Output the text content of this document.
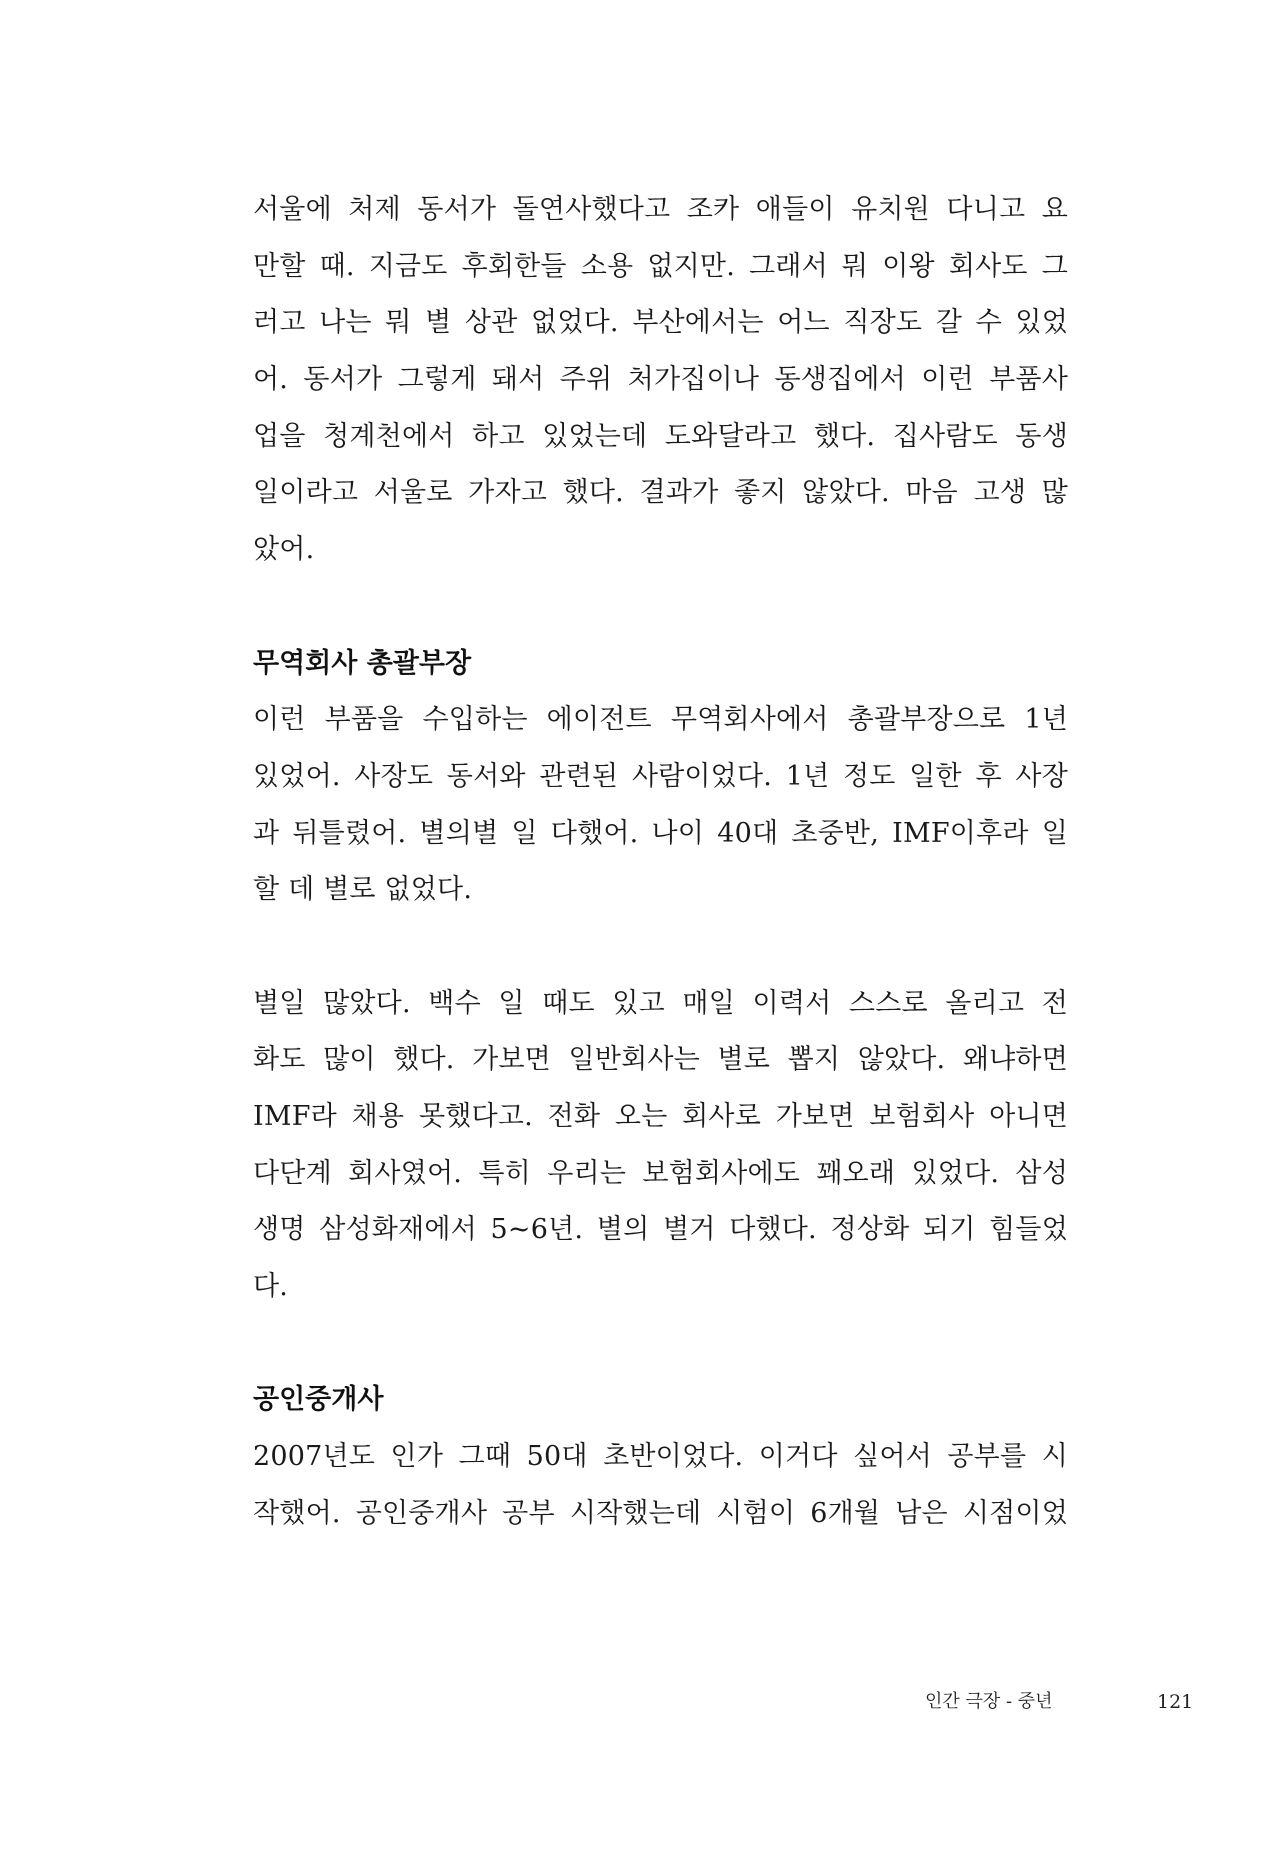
서울에 처제 동서가 돌연사했다고 조카 애들이 유치원 다니고 요
만할 때. 지금도 후회한들 소용 없지만. 그래서 뭐 이왕 회사도 그
러고 나는 뭐 별 상관 없었다. 부산에서는 어느 직장도 갈 수 있었
어. 동서가 그렇게 돼서 주위 처가집이나 동생집에서 이런 부품사
업을 청계천에서 하고 있었는데 도와달라고 했다. 집사람도 동생
일이라고 서울로 가자고 했다. 결과가 좋지 않았다. 마음 고생 많
았어.
무역회사 총괄부장
이런 부품을 수입하는 에이전트 무역회사에서 총괄부장으로 1년
있었어. 사장도 동서와 관련된 사람이었다. 1년 정도 일한 후 사장
과 뒤틀렸어. 별의별 일 다했어. 나이 40대 초중반, IMF이후라 일
할 데 별로 없었다.
별일 많았다. 백수 일 때도 있고 매일 이력서 스스로 올리고 전
화도 많이 했다. 가보면 일반회사는 별로 뽑지 않았다. 왜냐하면
IMF라 채용 못했다고. 전화 오는 회사로 가보면 보험회사 아니면
다단계 회사였어. 특히 우리는 보험회사에도 꽤오래 있었다. 삼성
생명 삼성화재에서 5~6년. 별의 별거 다했다. 정상화 되기 힘들었
다.
공인중개사
2007년도 인가 그때 50대 초반이었다. 이거다 싶어서 공부를 시
작했어. 공인중개사 공부 시작했는데 시험이 6개월 남은 시점이었
인간 극장 - 중년	121
